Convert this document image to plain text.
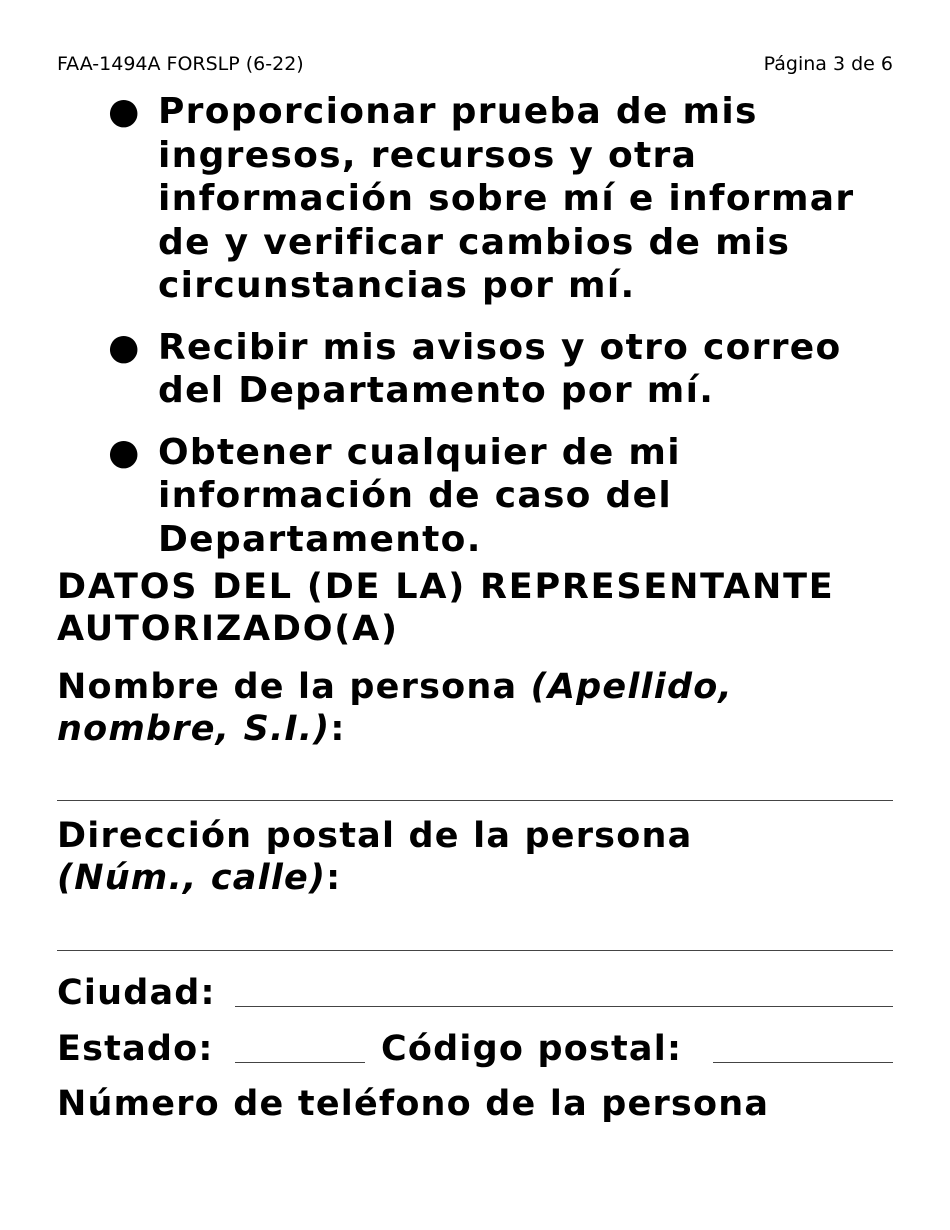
FAA-1494A FORSLP (6-22)	Página 3 de 6
● Proporcionar prueba de mis
ingresos, recursos y otra
información sobre mí e informar
de y verificar cambios de mis
circunstancias por mí.
● Recibir mis avisos y otro correo
del Departamento por mí.
● Obtener cualquier de mi
información de caso del
Departamento.
DATOS DEL (DE LA) REPRESENTANTE AUTORIZADO(A)
Nombre de la persona (Apellido, nombre, S.I.):
Dirección postal de la persona
(Núm., calle):
Ciudad:
Estado:	Código postal:
Número de teléfono de la persona
